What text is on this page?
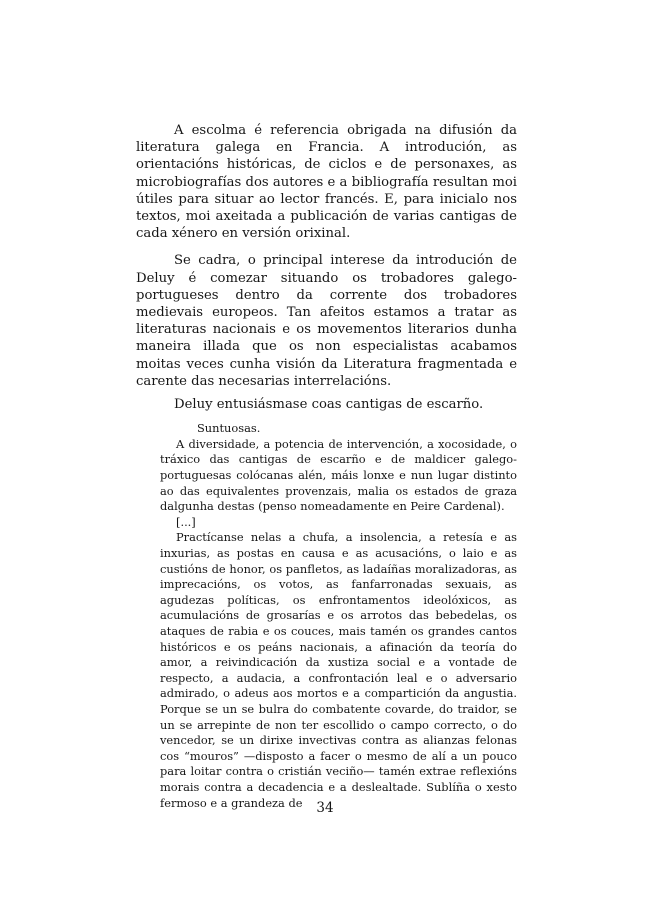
A escolma é referencia obrigada na difusión da literatura galega en Francia. A introdución, as orientacións históricas, de ciclos e de personaxes, as microbiografías dos autores e a bibliografía resultan moi útiles para situar ao lector francés. E, para inicialo nos textos, moi axeitada a publicación de varias cantigas de cada xénero en versión orixinal.

Se cadra, o principal interese da introdución de Deluy é comezar situando os trobadores galego-portugueses dentro da corrente dos trobadores medievais europeos. Tan afeitos estamos a tratar as literaturas nacionais e os movementos literarios dunha maneira illada que os non especialistas acabamos moitas veces cunha visión da Literatura fragmentada e carente das necesarias interrelacións.

Deluy entusiásmase coas cantigas de escarño.

Suntuosas.

A diversidade, a potencia de intervención, a xocosidade, o tráxico das cantigas de escarño e de maldicer galego-portuguesas colócanas alén, máis lonxe e nun lugar distinto ao das equivalentes provenzais, malia os estados de graza dalgunha destas (penso nomeadamente en Peire Cardenal).

[...]

Practícanse nelas a chufa, a insolencia, a retesía e as inxurias, as postas en causa e as acusacións, o laio e as custións de honor, os panfletos, as ladaíñas moralizadoras, as imprecacións, os votos, as fanfarronadas sexuais, as agudezas políticas, os enfrontamentos ideolóxicos, as acumulacións de grosarías e os arrotos das bebedelas, os ataques de rabia e os couces, mais tamén os grandes cantos históricos e os peáns nacionais, a afinación da teoría do amor, a reivindicación da xustiza social e a vontade de respecto, a audacia, a confrontación leal e o adversario admirado, o adeus aos mortos e a compartición da angustia. Porque se un se bulra do combatente covarde, do traidor, se un se arrepinte de non ter escollido o campo correcto, o do vencedor, se un dirixe invectivas contra as alianzas felonas cos “mouros” —disposto a facer o mesmo de alí a un pouco para loitar contra o cristián veciño— tamén extrae reflexións morais contra a decadencia e a deslealtade. Sublíña o xesto fermoso e a grandeza de	34
